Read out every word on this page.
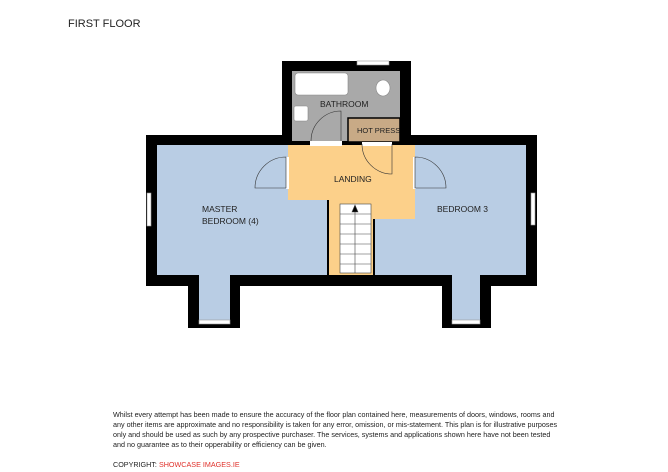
FIRST FLOOR
BATHROOM
HOT PRESS
LANDING
MASTER
BEDROOM (4)
BEDROOM 3
Whilst every attempt has been made to ensure the accuracy of the floor plan contained here, measurements of doors, windows, rooms and any other items are approximate and no responsibility is taken for any error, omission, or mis-statement. This plan is for illustrative purposes only and should be used as such by any prospective purchaser. The services, systems and applications shown here have not been tested and no guarantee as to their opperability or efficiency can be given.
COPYRIGHT: SHOWCASE IMAGES.IE
